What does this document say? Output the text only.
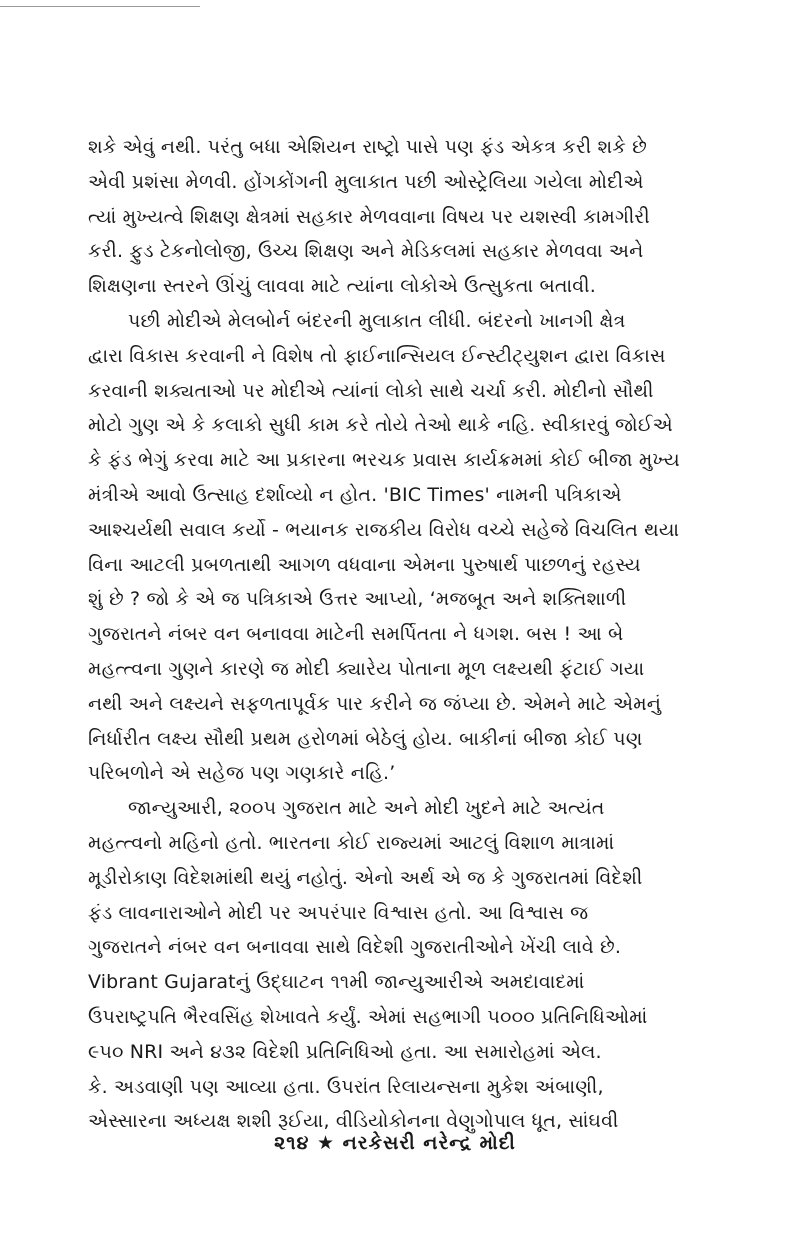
શકે એવું નથી. પરંતુ બધા એશિયન રાષ્ટ્રો પાસે પણ ફંડ એકત્ર કરી શકે છે
એવી પ્રશંસા મેળવી. હોંગકોંગની મુલાકાત પછી ઓસ્ટ્રેલિયા ગયેલા મોદીએ
ત્યાં મુખ્યત્વે શિક્ષણ ક્ષેત્રમાં સહકાર મેળવવાના વિષય પર યશસ્વી કામગીરી
કરી. ફુડ ટેકનોલોજી, ઉચ્ચ શિક્ષણ અને મેડિકલમાં સહકાર મેળવવા અને
શિક્ષણના સ્તરને ઊંચું લાવવા માટે ત્યાંના લોકોએ ઉત્સુકતા બતાવી.
પછી મોદીએ મેલબોર્ન બંદરની મુલાકાત લીધી. બંદરનો ખાનગી ક્ષેત્ર
દ્વારા વિકાસ કરવાની ને વિશેષ તો ફાઈનાન્સિયલ ઈન્સ્ટીટ્યુશન દ્વારા વિકાસ
કરવાની શક્યતાઓ પર મોદીએ ત્યાંનાં લોકો સાથે ચર્ચા કરી. મોદીનો સૌથી
મોટો ગુણ એ કે કલાકો સુધી કામ કરે તોયે તેઓ થાકે નહિ. સ્વીકારવું જોઈએ
કે ફંડ ભેગું કરવા માટે આ પ્રકારના ભરચક પ્રવાસ કાર્યક્રમમાં કોઈ બીજા મુખ્ય
મંત્રીએ આવો ઉત્સાહ દર્શાવ્યો ન હોત. 'BIC Times' નામની પત્રિકાએ
આશ્ચર્યથી સવાલ કર્યો - ભયાનક રાજકીય વિરોધ વચ્ચે સહેજે વિચલિત થયા
વિના આટલી પ્રબળતાથી આગળ વધવાના એમના પુરુષાર્થ પાછળનું રહસ્ય
શું છે ? જો કે એ જ પત્રિકાએ ઉત્તર આપ્યો, ‘મજબૂત અને શક્તિશાળી
ગુજરાતને નંબર વન બનાવવા માટેની સમર્પિતતા ને ધગશ. બસ ! આ બે
મહત્ત્વના ગુણને કારણે જ મોદી ક્યારેય પોતાના મૂળ લક્ષ્યથી ફંટાઈ ગયા
નથી અને લક્ષ્યને સફળતાપૂર્વક પાર કરીને જ જંપ્યા છે. એમને માટે એમનું
નિર્ધારીત લક્ષ્ય સૌથી પ્રથમ હરોળમાં બેઠેલું હોય. બાકીનાં બીજા કોઈ પણ
પરિબળોને એ સહેજ પણ ગણકારે નહિ.’
જાન્યુઆરી, ૨૦૦૫ ગુજરાત માટે અને મોદી ખુદને માટે અત્યંત
મહત્ત્વનો મહિનો હતો. ભારતના કોઈ રાજ્યમાં આટલું વિશાળ માત્રામાં
મૂડીરોકાણ વિદેશમાંથી થયું નહોતું. એનો અર્થ એ જ કે ગુજરાતમાં વિદેશી
ફંડ લાવનારાઓને મોદી પર અપરંપાર વિશ્વાસ હતો. આ વિશ્વાસ જ
ગુજરાતને નંબર વન બનાવવા સાથે વિદેશી ગુજરાતીઓને ખેંચી લાવે છે.
Vibrant Gujaratનું ઉદ્‌ઘાટન ૧૧મી જાન્યુઆરીએ અમદાવાદમાં
ઉપરાષ્ટ્રપતિ ભૈરવસિંહ શેખાવતે કર્યું. એમાં સહભાગી ૫૦૦૦ પ્રતિનિધિઓમાં
૯૫૦ NRI અને ૪૩૨ વિદેશી પ્રતિનિધિઓ હતા. આ સમારોહમાં એલ.
કે. અડવાણી પણ આવ્યા હતા. ઉપરાંત રિલાયન્સના મુકેશ અંબાણી,
એસ્સારના અધ્યક્ષ શશી રૂઈયા, વીડિયોકોનના વેણુગોપાલ ધૂત, સાંઘવી
૨૧૪ ★ નરકેસરી નરેન્દ્ર મોદી
